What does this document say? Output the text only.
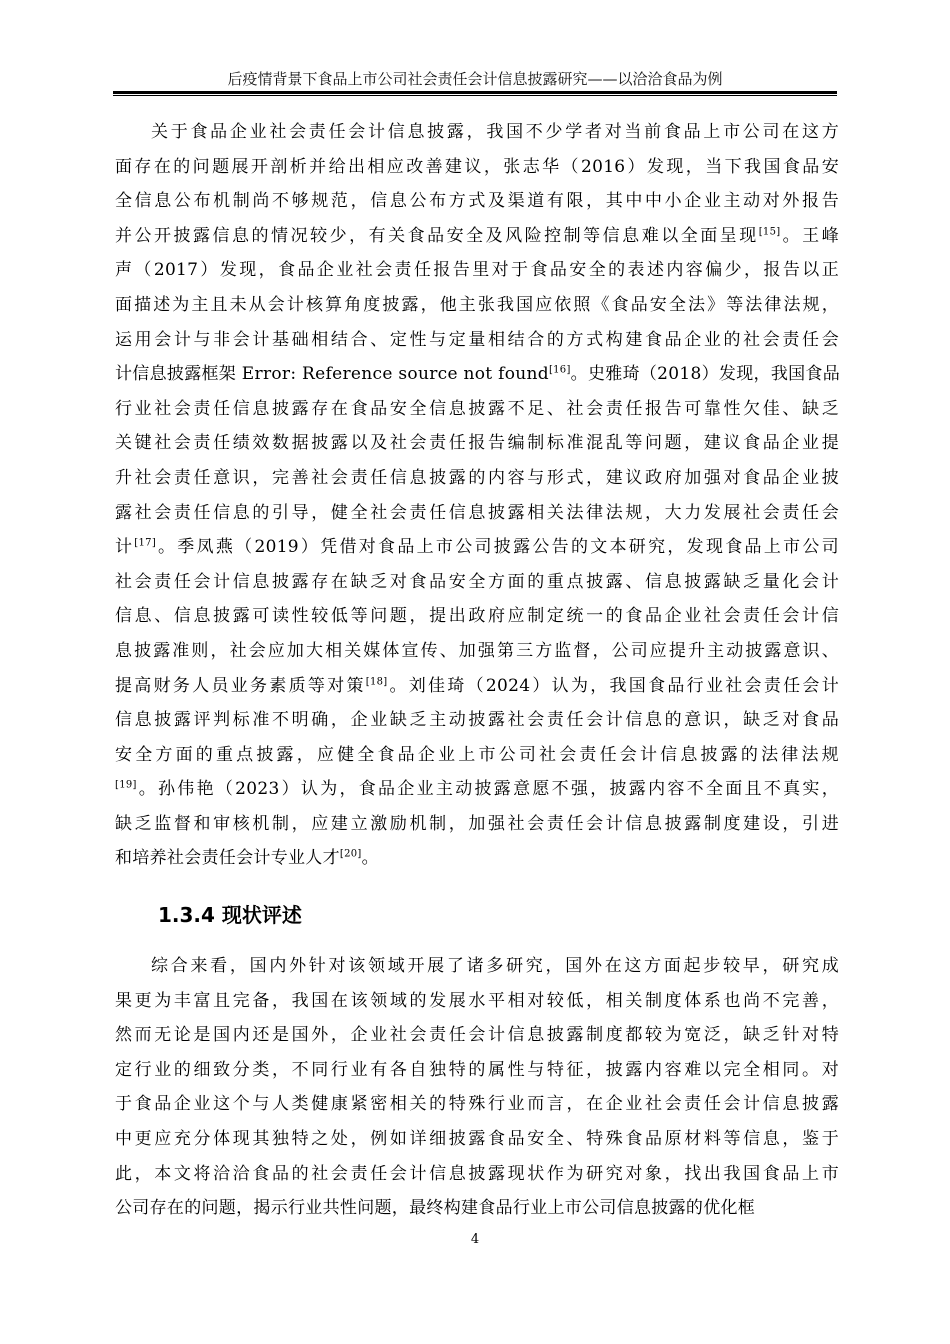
后疫情背景下食品上市公司社会责任会计信息披露研究——以洽洽食品为例
关于食品企业社会责任会计信息披露，我国不少学者对当前食品上市公司在这方
面存在的问题展开剖析并给出相应改善建议，张志华（2016）发现，当下我国食品安
全信息公布机制尚不够规范，信息公布方式及渠道有限，其中中小企业主动对外报告
并公开披露信息的情况较少，有关食品安全及风险控制等信息难以全面呈现[15]。王峰
声（2017）发现，食品企业社会责任报告里对于食品安全的表述内容偏少，报告以正
面描述为主且未从会计核算角度披露，他主张我国应依照《食品安全法》等法律法规，
运用会计与非会计基础相结合、定性与定量相结合的方式构建食品企业的社会责任会
计信息披露框架 Error: Reference source not found[16]。史雅琦（2018）发现，我国食品
行业社会责任信息披露存在食品安全信息披露不足、社会责任报告可靠性欠佳、缺乏
关键社会责任绩效数据披露以及社会责任报告编制标准混乱等问题，建议食品企业提
升社会责任意识，完善社会责任信息披露的内容与形式，建议政府加强对食品企业披
露社会责任信息的引导，健全社会责任信息披露相关法律法规，大力发展社会责任会
计[17]。季凤燕（2019）凭借对食品上市公司披露公告的文本研究，发现食品上市公司
社会责任会计信息披露存在缺乏对食品安全方面的重点披露、信息披露缺乏量化会计
信息、信息披露可读性较低等问题，提出政府应制定统一的食品企业社会责任会计信
息披露准则，社会应加大相关媒体宣传、加强第三方监督，公司应提升主动披露意识、
提高财务人员业务素质等对策[18]。刘佳琦（2024）认为，我国食品行业社会责任会计
信息披露评判标准不明确，企业缺乏主动披露社会责任会计信息的意识，缺乏对食品
安全方面的重点披露，应健全食品企业上市公司社会责任会计信息披露的法律法规
[19]。孙伟艳（2023）认为，食品企业主动披露意愿不强，披露内容不全面且不真实，
缺乏监督和审核机制，应建立激励机制，加强社会责任会计信息披露制度建设，引进
和培养社会责任会计专业人才[20]。
1.3.4 现状评述
综合来看，国内外针对该领域开展了诸多研究，国外在这方面起步较早，研究成
果更为丰富且完备，我国在该领域的发展水平相对较低，相关制度体系也尚不完善，
然而无论是国内还是国外，企业社会责任会计信息披露制度都较为宽泛，缺乏针对特
定行业的细致分类，不同行业有各自独特的属性与特征，披露内容难以完全相同。对
于食品企业这个与人类健康紧密相关的特殊行业而言，在企业社会责任会计信息披露
中更应充分体现其独特之处，例如详细披露食品安全、特殊食品原材料等信息，鉴于
此，本文将洽洽食品的社会责任会计信息披露现状作为研究对象，找出我国食品上市
公司存在的问题，揭示行业共性问题，最终构建食品行业上市公司信息披露的优化框
4
